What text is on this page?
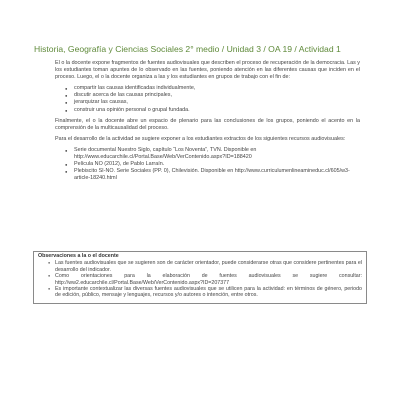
Historia, Geografía y Ciencias Sociales 2° medio / Unidad 3 / OA 19 / Actividad 1

El o la docente expone fragmentos de fuentes audiovisuales que describen el proceso de recuperación de la democracia. Las y los estudiantes toman apuntes de lo observado en las fuentes, poniendo atención en las diferentes causas que inciden en el proceso. Luego, el o la docente organiza a las y los estudiantes en grupos de trabajo con el fin de:

● compartir las causas identificadas individualmente,
● discutir acerca de las causas principales,
● jerarquizar las causas,
● construir una opinión personal o grupal fundada.

Finalmente, el o la docente abre un espacio de plenario para las conclusiones de los grupos, poniendo el acento en la comprensión de la multicausalidad del proceso.

Para el desarrollo de la actividad se sugiere exponer a los estudiantes extractos de los siguientes recursos audiovisuales:

● Serie documental Nuestro Siglo, capítulo “Los Noventa”, TVN. Disponible en http://www.educarchile.cl/Portal.Base/Web/VerContenido.aspx?ID=188420
● Película NO (2012), de Pablo Larraín.
● Plebiscito SI-NO. Serie Sociales (PP. 0), Chilevisión. Disponible en http://www.curriculumenlineamineduc.cl/605/w3-article-18240.html
Observaciones a la o el docente
● Las fuentes audiovisuales que se sugieren son de carácter orientador, puede considerarse otras que considere pertinentes para el desarrollo del indicador.
● Como orientaciones para la elaboración de fuentes audiovisuales se sugiere consultar: http://ww2.educarchile.cl/Portal.Base/Web/VerContenido.aspx?ID=207377
● Es importante contextualizar las diversas fuentes audiovisuales que se utilicen para la actividad: en términos de género, periodo de edición, público, mensaje y lenguajes, recursos y/o autores o intención, entre otros.
